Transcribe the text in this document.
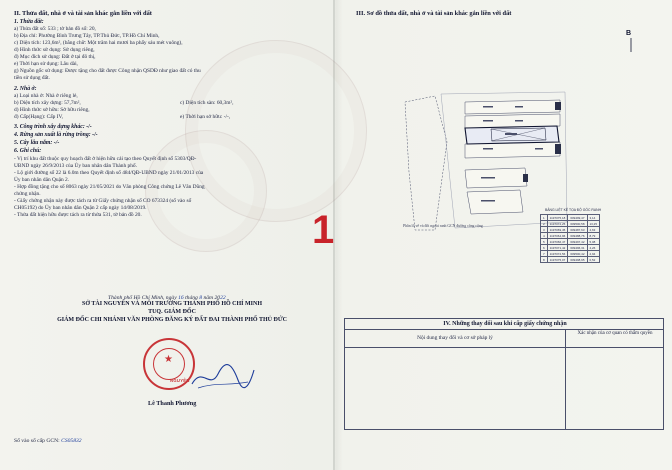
II. Thửa đất, nhà ở và tài sản khác gắn liền với đất
1. Thửa đất:
a) Thửa đất số: 533 ; tờ bản đồ số: 20,
b) Địa chỉ: Phường Bình Trưng Tây, TP.Thủ Đức, TP.Hồ Chí Minh,
c) Diện tích: 123,6m², (bằng chữ: Một trăm hai mươi ba phẩy sáu mét vuông),
d) Hình thức sử dụng: Sử dụng riêng,
đ) Mục đích sử dụng: Đất ở tại đô thị,
e) Thời hạn sử dụng: Lâu dài,
g) Nguồn gốc sử dụng: Được tặng cho đất được Công nhận QSDĐ như giao đất có thu
tiền sử dụng đất.
2. Nhà ở:
a) Loại nhà ở: Nhà ở riêng lẻ,
b) Diện tích xây dựng: 57,7m²,	c) Diện tích sàn: 60,3m²,
d) Hình thức sở hữu: Sở hữu riêng,
đ) Cấp(Hạng): Cấp IV,	e) Thời hạn sở hữu: -/-,
3. Công trình xây dựng khác: -/-
4. Rừng sản xuất là rừng trồng: -/-
5. Cây lâu năm: -/-
6. Ghi chú:
- Vị trí khu đất thuộc quy hoạch đất ở hiện hữu cải tạo theo Quyết định số 5303/QĐ-
UBND ngày 26/9/2013 của Ủy ban nhân dân Thành phố.
- Lộ giới đường số 22 là 6.0m theo Quyết định số 484/QĐ-UBND ngày 21/01/2013 của
Ủy ban nhân dân Quận 2.
- Hợp đồng tặng cho số 8063 ngày 21/05/2021 do Văn phòng Công chứng Lê Văn Dũng
chứng nhận.
- Giấy chứng nhận này được tách ra từ Giấy chứng nhận số CO 673324 (số vào số
CH05192) do Ủy ban nhân dân Quận 2 cấp ngày 14/08/2019.
- Thửa đất hiện hữu được tách ra từ thửa 531, tờ bản đồ 20.
Thành phố Hồ Chí Minh, ngày 16 tháng 8 năm 2022
SỞ TÀI NGUYÊN VÀ MÔI TRƯỜNG THÀNH PHỐ HỒ CHÍ MINH
TUQ. GIÁM ĐỐC
GIÁM ĐỐC CHI NHÁNH VĂN PHÒNG ĐĂNG KÝ ĐẤT ĐAI THÀNH PHỐ THỦ ĐỨC
★
NGUYÊN
Lê Thanh Phương
Số vào sổ cấp GCN: CS05832
1
III. Sơ đồ thửa đất, nhà ở và tài sản khác gắn liền với đất
B
Phần lô vẽ và đối ngoài ranh GCN đường công cộng
BẢNG LIỆT KÊ TỌA ĐỘ GÓC RANH
1	1197075,18	609499,47	3,14
2	1197072,25	609500,58	13,25
3	1197069,45	609487,63	4,63
4	1197064,96	609488,76	8,79
5	1197066,47	609497,42	5,08
6	1197071,42	609496,31	4,26
7	1197072,56	609500,42	2,94
8	1197075,07	609498,95	0,52
IV. Những thay đổi sau khi cấp giấy chứng nhận
Nội dung thay đổi và cơ sở pháp lý
Xác nhận của cơ quan có thẩm quyền
